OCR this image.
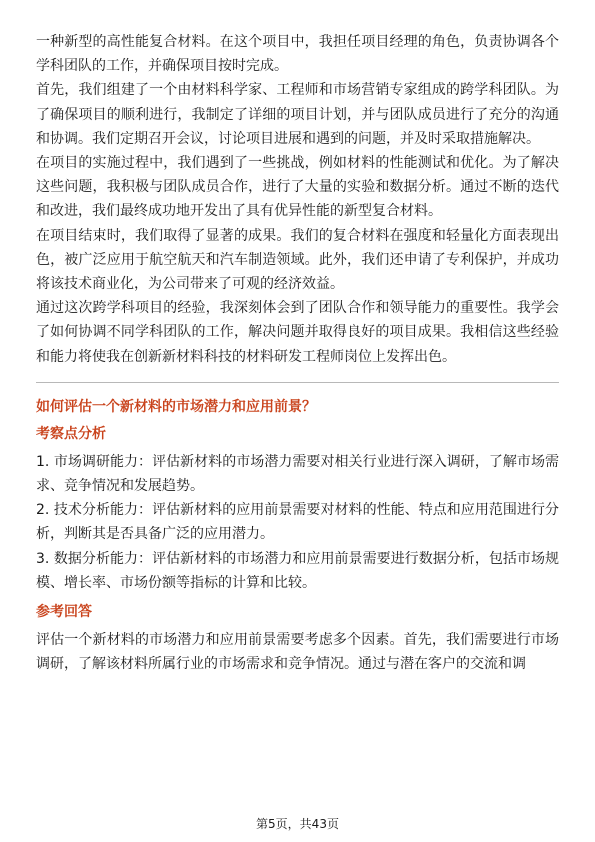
一种新型的高性能复合材料。在这个项目中，我担任项目经理的角色，负责协调各个学科团队的工作，并确保项目按时完成。

首先，我们组建了一个由材料科学家、工程师和市场营销专家组成的跨学科团队。为了确保项目的顺利进行，我制定了详细的项目计划，并与团队成员进行了充分的沟通和协调。我们定期召开会议，讨论项目进展和遇到的问题，并及时采取措施解决。

在项目的实施过程中，我们遇到了一些挑战，例如材料的性能测试和优化。为了解决这些问题，我积极与团队成员合作，进行了大量的实验和数据分析。通过不断的迭代和改进，我们最终成功地开发出了具有优异性能的新型复合材料。

在项目结束时，我们取得了显著的成果。我们的复合材料在强度和轻量化方面表现出色，被广泛应用于航空航天和汽车制造领域。此外，我们还申请了专利保护，并成功将该技术商业化，为公司带来了可观的经济效益。

通过这次跨学科项目的经验，我深刻体会到了团队合作和领导能力的重要性。我学会了如何协调不同学科团队的工作，解决问题并取得良好的项目成果。我相信这些经验和能力将使我在创新新材料科技的材料研发工程师岗位上发挥出色。

如何评估一个新材料的市场潜力和应用前景？
考察点分析

1. 市场调研能力：评估新材料的市场潜力需要对相关行业进行深入调研，了解市场需求、竞争情况和发展趋势。

2. 技术分析能力：评估新材料的应用前景需要对材料的性能、特点和应用范围进行分析，判断其是否具备广泛的应用潜力。

3. 数据分析能力：评估新材料的市场潜力和应用前景需要进行数据分析，包括市场规模、增长率、市场份额等指标的计算和比较。

参考回答

评估一个新材料的市场潜力和应用前景需要考虑多个因素。首先，我们需要进行市场调研，了解该材料所属行业的市场需求和竞争情况。通过与潜在客户的交流和调

第5页，共43页
